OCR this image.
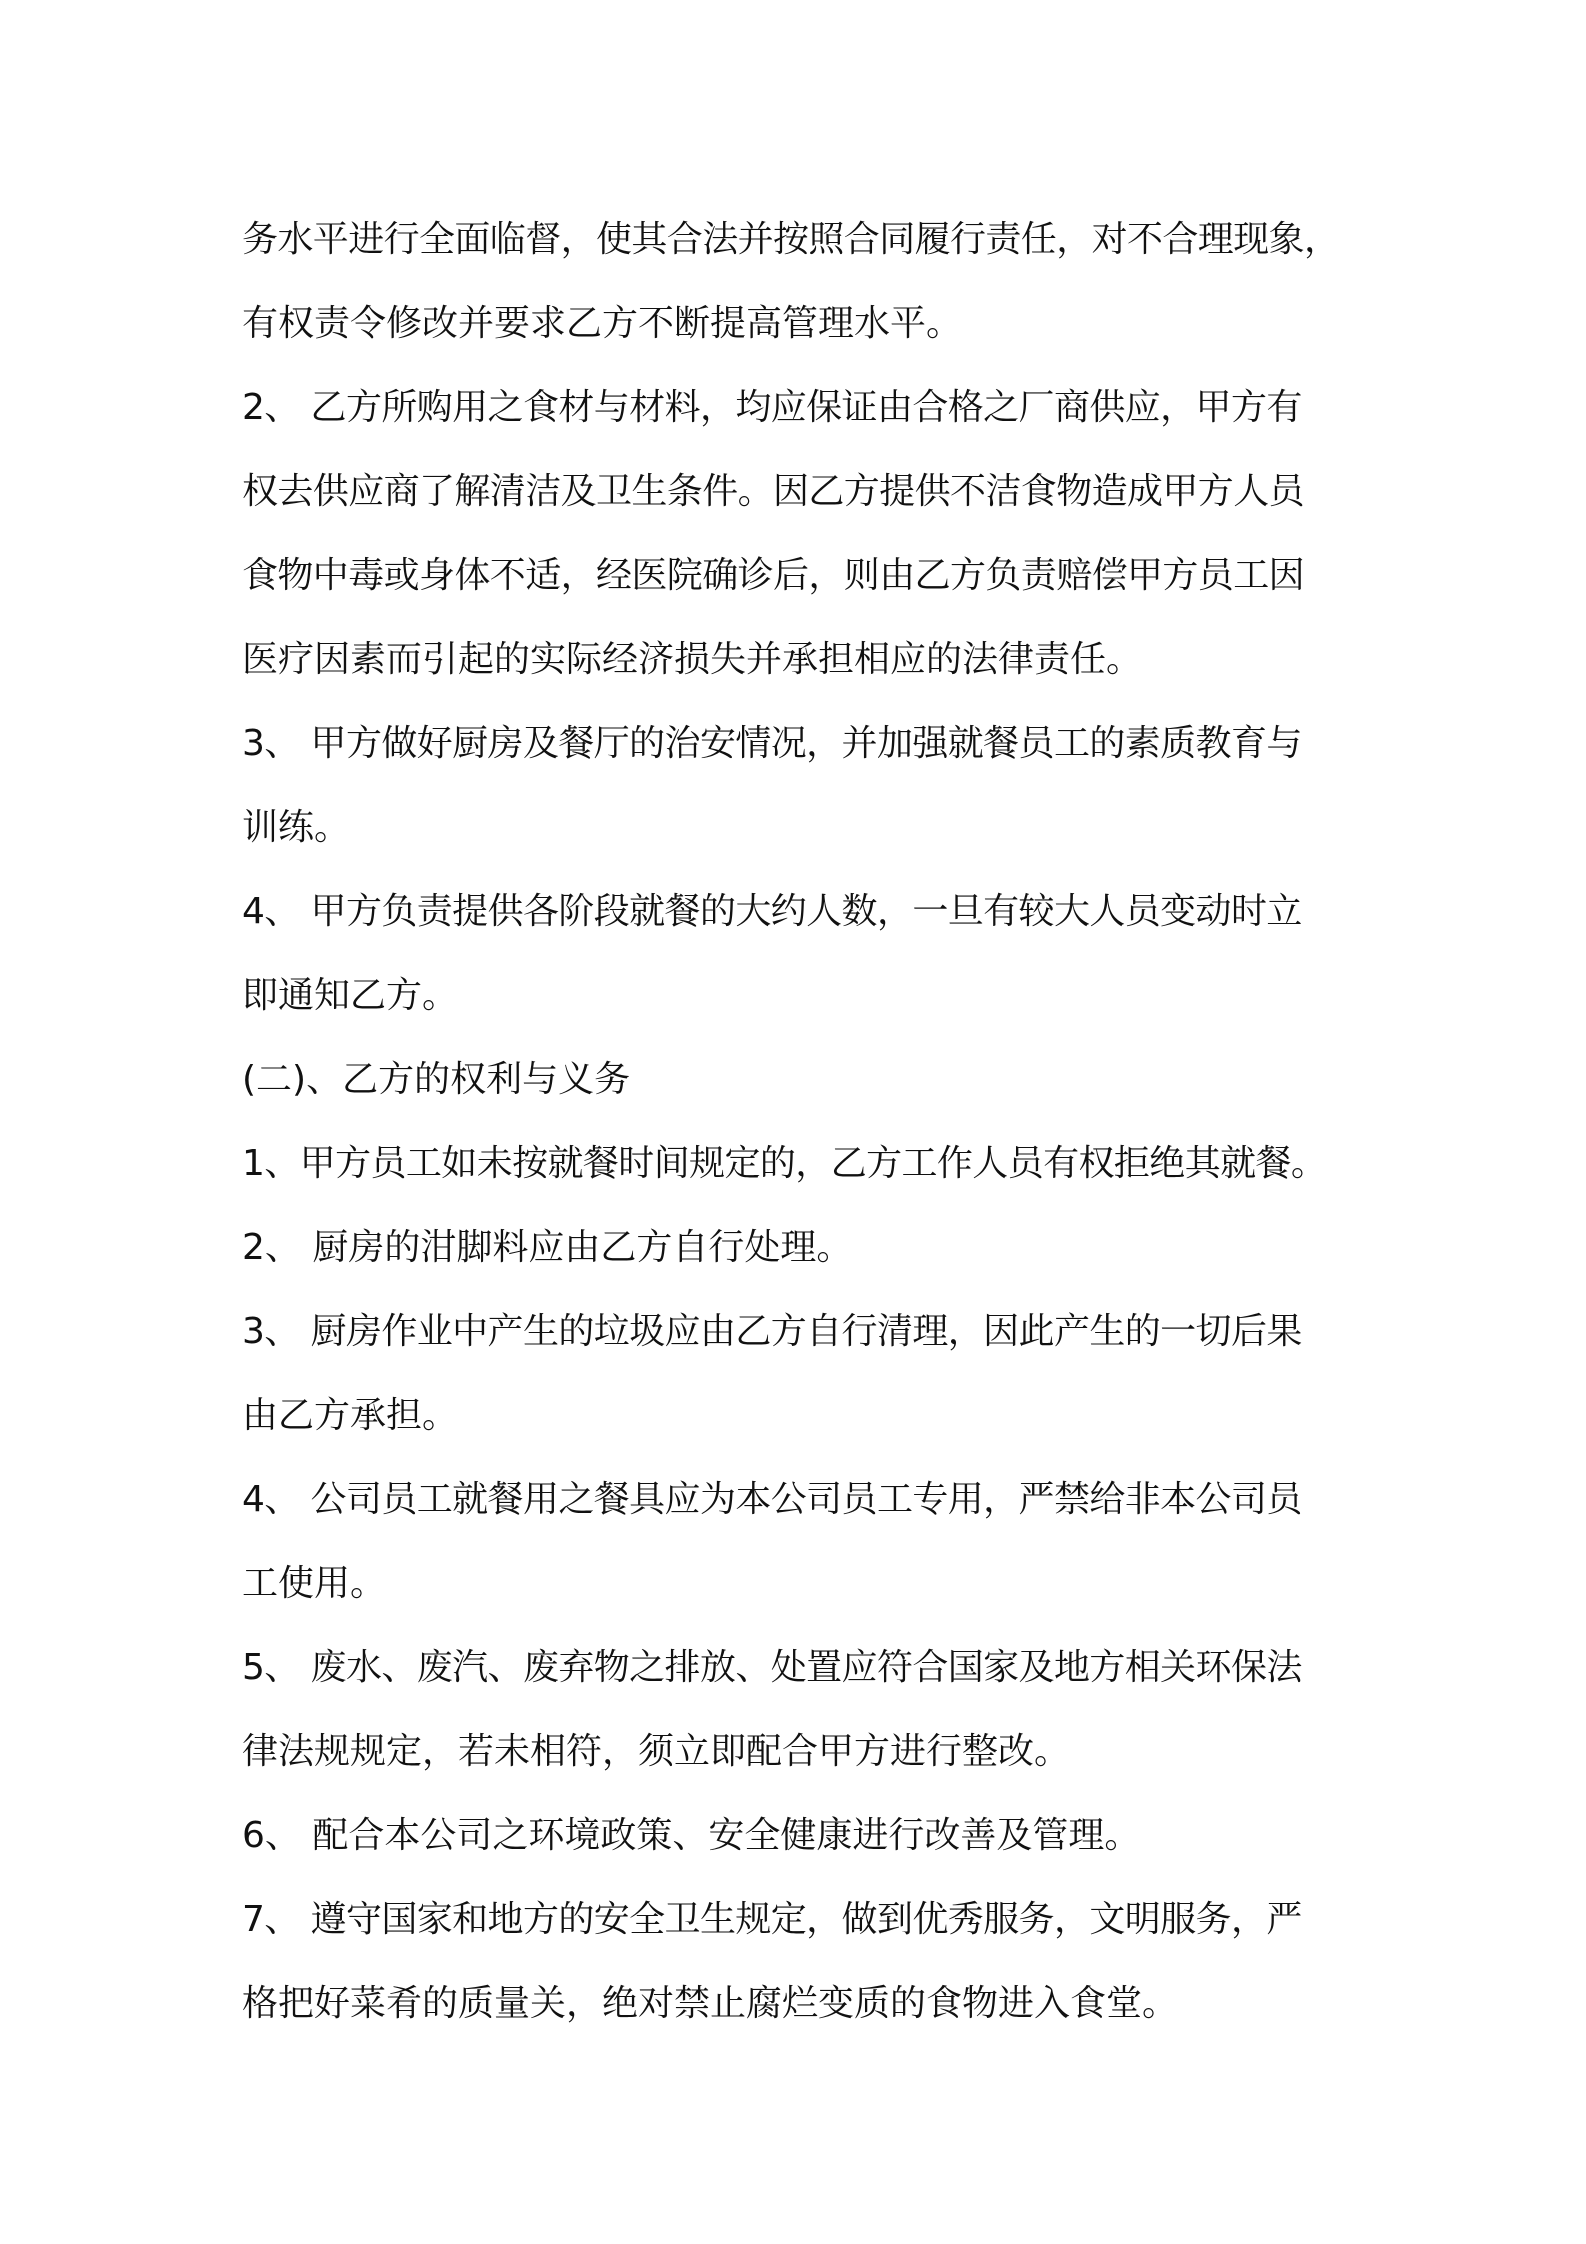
务水平进行全面临督，使其合法并按照合同履行责任，对不合理现象，
有权责令修改并要求乙方不断提高管理水平。
2、 乙方所购用之食材与材料，均应保证由合格之厂商供应，甲方有
权去供应商了解清洁及卫生条件。因乙方提供不洁食物造成甲方人员
食物中毒或身体不适，经医院确诊后，则由乙方负责赔偿甲方员工因
医疗因素而引起的实际经济损失并承担相应的法律责任。
3、 甲方做好厨房及餐厅的治安情况，并加强就餐员工的素质教育与
训练。
4、 甲方负责提供各阶段就餐的大约人数，一旦有较大人员变动时立
即通知乙方。
(二)、乙方的权利与义务
1、甲方员工如未按就餐时间规定的，乙方工作人员有权拒绝其就餐。
2、 厨房的泔脚料应由乙方自行处理。
3、 厨房作业中产生的垃圾应由乙方自行清理，因此产生的一切后果
由乙方承担。
4、 公司员工就餐用之餐具应为本公司员工专用，严禁给非本公司员
工使用。
5、 废水、废汽、废弃物之排放、处置应符合国家及地方相关环保法
律法规规定，若未相符，须立即配合甲方进行整改。
6、 配合本公司之环境政策、安全健康进行改善及管理。
7、 遵守国家和地方的安全卫生规定，做到优秀服务，文明服务，严
格把好菜肴的质量关，绝对禁止腐烂变质的食物进入食堂。
